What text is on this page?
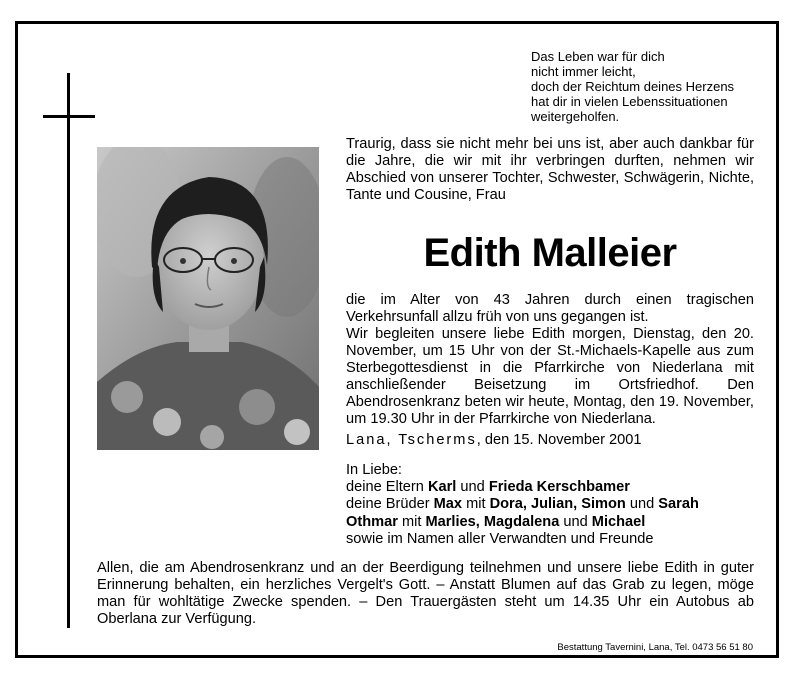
Das Leben war für dich
nicht immer leicht,
doch der Reichtum deines Herzens
hat dir in vielen Lebenssituationen
weitergeholfen.
Traurig, dass sie nicht mehr bei uns ist, aber auch dankbar für die Jahre, die wir mit ihr verbringen durften, nehmen wir Abschied von unserer Tochter, Schwester, Schwägerin, Nichte, Tante und Cousine, Frau
Edith Malleier
die im Alter von 43 Jahren durch einen tragischen Verkehrsunfall allzu früh von uns gegangen ist.
Wir begleiten unsere liebe Edith morgen, Dienstag, den 20. November, um 15 Uhr von der St.-Michaels-Kapelle aus zum Sterbegottesdienst in die Pfarrkirche von Niederlana mit anschließender Beisetzung im Ortsfriedhof. Den Abendrosenkranz beten wir heute, Montag, den 19. November, um 19.30 Uhr in der Pfarrkirche von Niederlana.
Lana, Tscherms, den 15. November 2001
In Liebe:
deine Eltern Karl und Frieda Kerschbamer
deine Brüder Max mit Dora, Julian, Simon und Sarah
Othmar mit Marlies, Magdalena und Michael
sowie im Namen aller Verwandten und Freunde
Allen, die am Abendrosenkranz und an der Beerdigung teilnehmen und unsere liebe Edith in guter Erinnerung behalten, ein herzliches Vergelt's Gott. – Anstatt Blumen auf das Grab zu legen, möge man für wohltätige Zwecke spenden. – Den Trauergästen steht um 14.35 Uhr ein Autobus ab Oberlana zur Verfügung.
Bestattung Tavernini, Lana, Tel. 0473 56 51 80
